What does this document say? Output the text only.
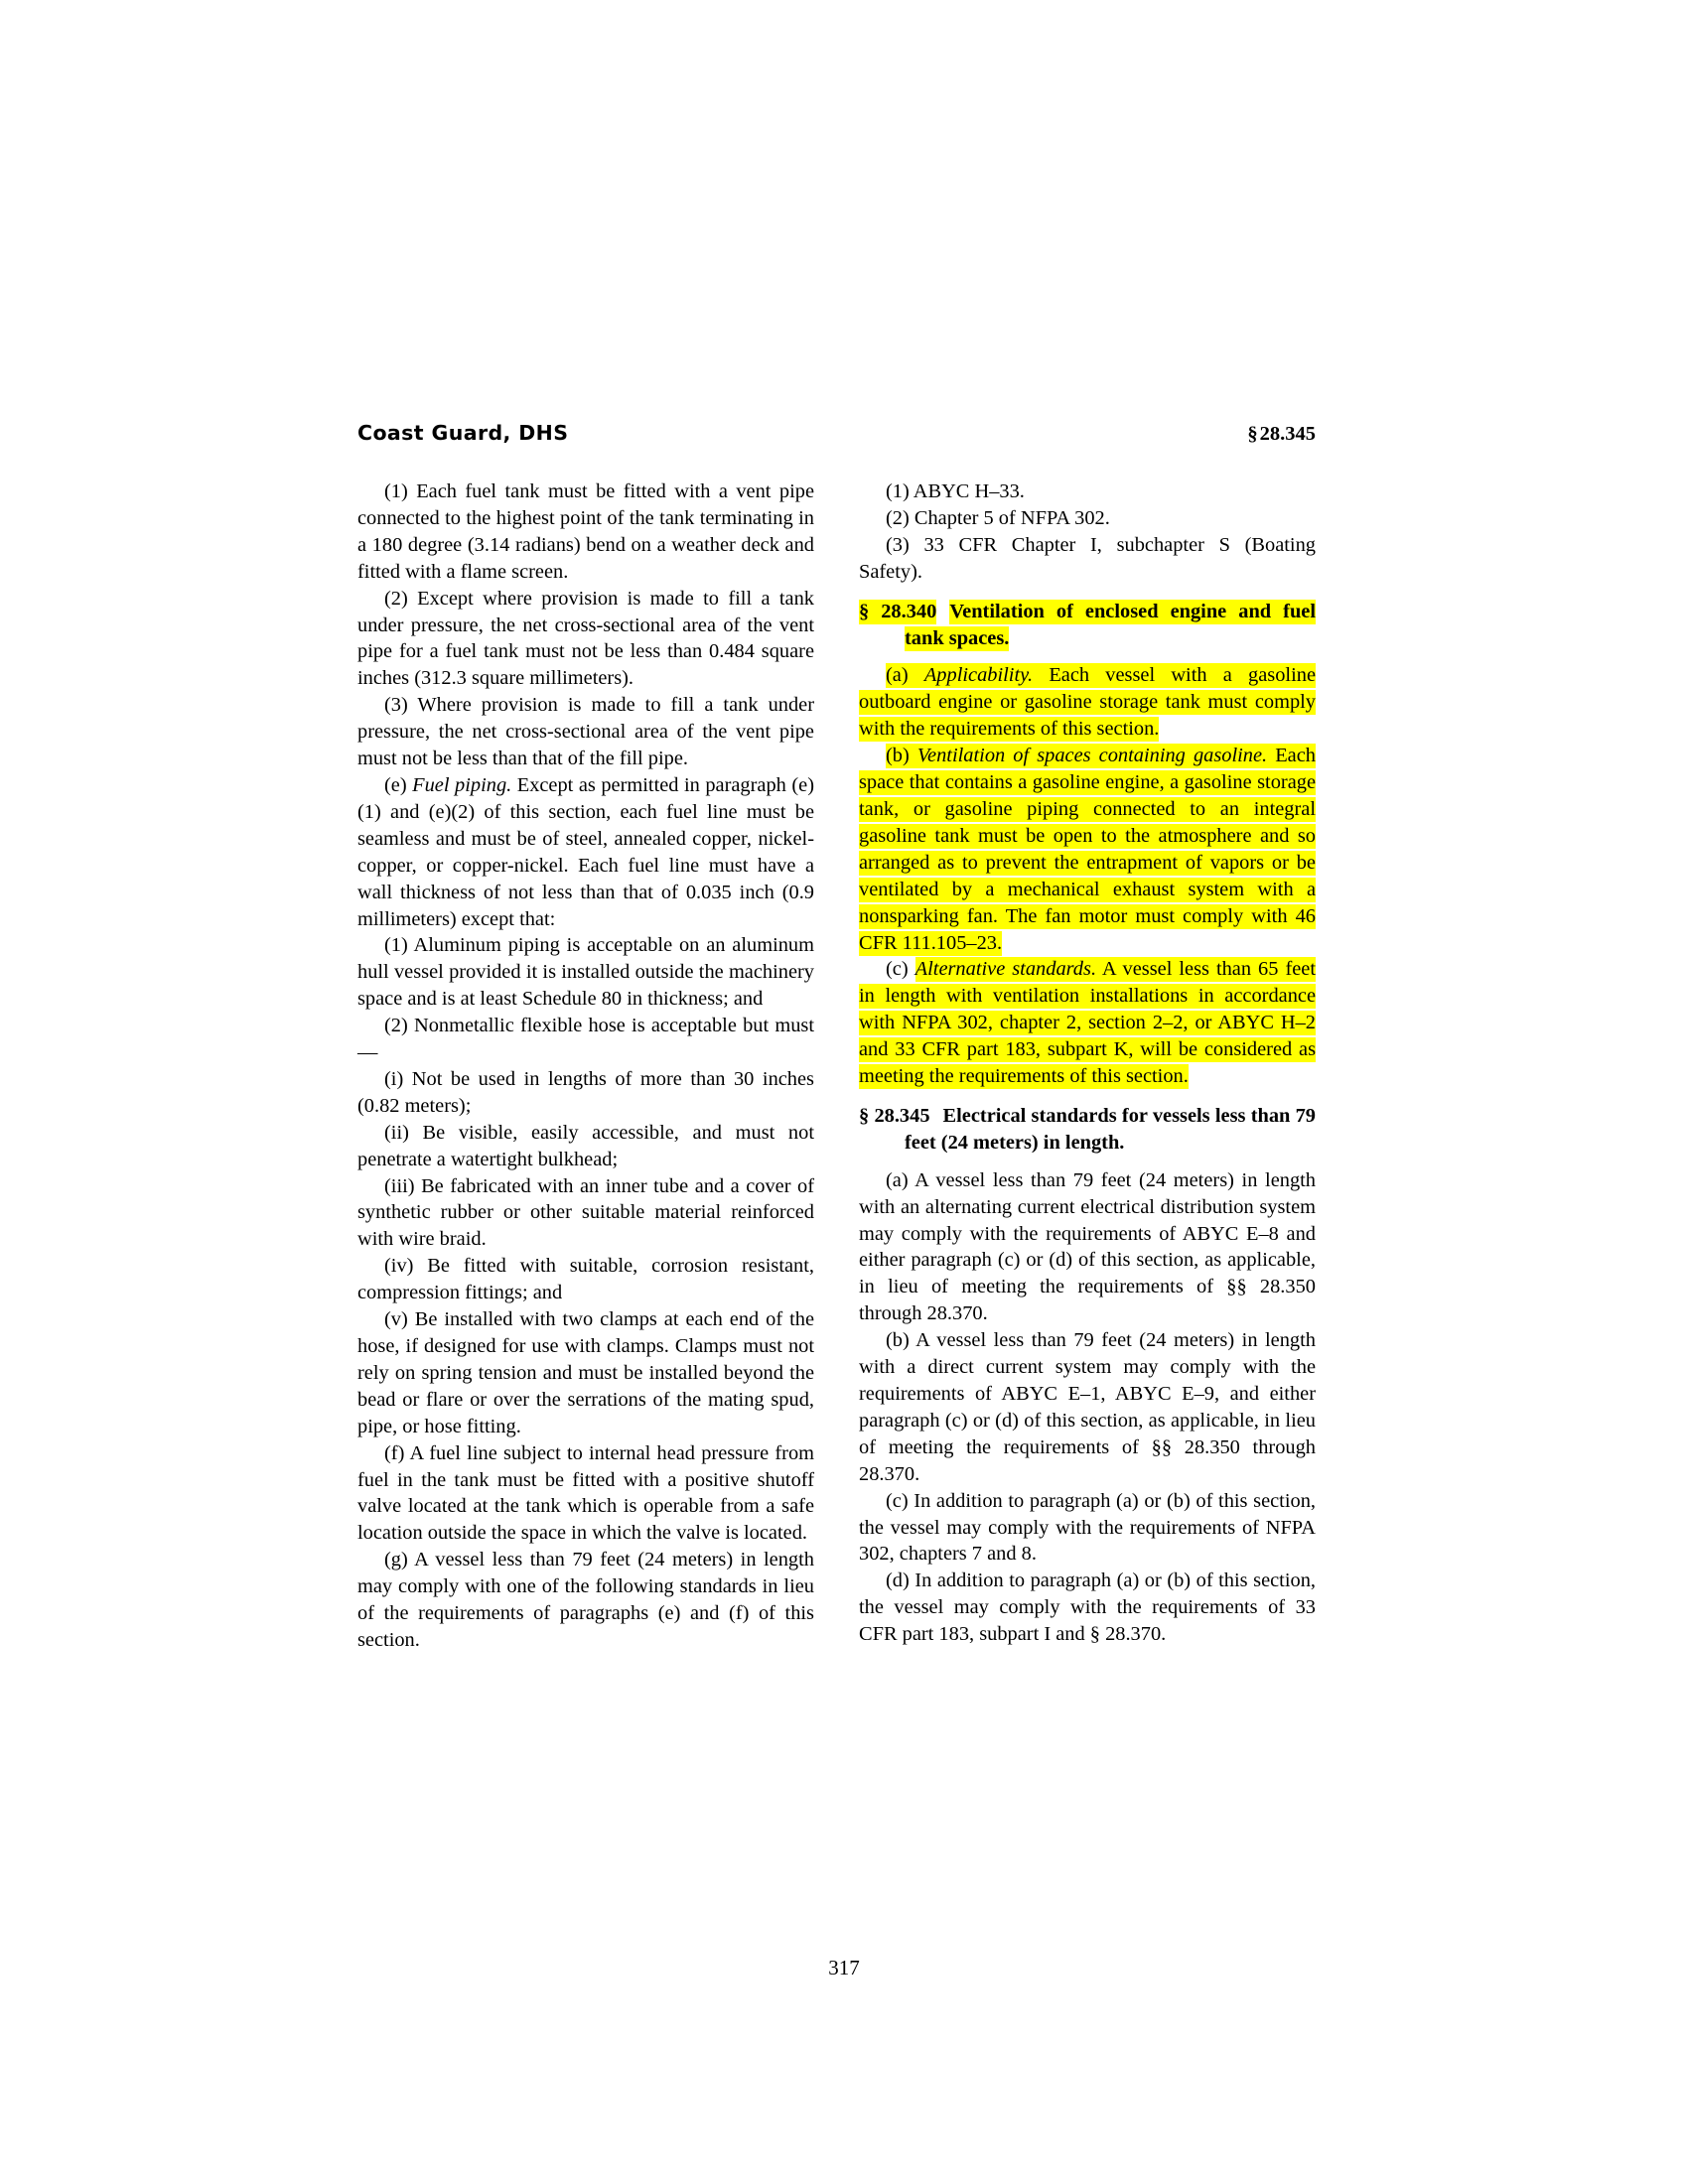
Coast Guard, DHS	§28.345

(1) Each fuel tank must be fitted with a vent pipe connected to the highest point of the tank terminating in a 180 degree (3.14 radians) bend on a weather deck and fitted with a flame screen.

(2) Except where provision is made to fill a tank under pressure, the net cross-sectional area of the vent pipe for a fuel tank must not be less than 0.484 square inches (312.3 square millimeters).

(3) Where provision is made to fill a tank under pressure, the net cross-sectional area of the vent pipe must not be less than that of the fill pipe.

(e) Fuel piping. Except as permitted in paragraph (e)(1) and (e)(2) of this section, each fuel line must be seamless and must be of steel, annealed copper, nickel-copper, or copper-nickel. Each fuel line must have a wall thickness of not less than that of 0.035 inch (0.9 millimeters) except that:

(1) Aluminum piping is acceptable on an aluminum hull vessel provided it is installed outside the machinery space and is at least Schedule 80 in thickness; and

(2) Nonmetallic flexible hose is acceptable but must—

(i) Not be used in lengths of more than 30 inches (0.82 meters);

(ii) Be visible, easily accessible, and must not penetrate a watertight bulkhead;

(iii) Be fabricated with an inner tube and a cover of synthetic rubber or other suitable material reinforced with wire braid.

(iv) Be fitted with suitable, corrosion resistant, compression fittings; and

(v) Be installed with two clamps at each end of the hose, if designed for use with clamps. Clamps must not rely on spring tension and must be installed beyond the bead or flare or over the serrations of the mating spud, pipe, or hose fitting.

(f) A fuel line subject to internal head pressure from fuel in the tank must be fitted with a positive shutoff valve located at the tank which is operable from a safe location outside the space in which the valve is located.

(g) A vessel less than 79 feet (24 meters) in length may comply with one of the following standards in lieu of the requirements of paragraphs (e) and (f) of this section.

(1) ABYC H–33.

(2) Chapter 5 of NFPA 302.

(3) 33 CFR Chapter I, subchapter S (Boating Safety).

§ 28.340 Ventilation of enclosed engine and fuel tank spaces.

(a) Applicability. Each vessel with a gasoline outboard engine or gasoline storage tank must comply with the requirements of this section.

(b) Ventilation of spaces containing gasoline. Each space that contains a gasoline engine, a gasoline storage tank, or gasoline piping connected to an integral gasoline tank must be open to the atmosphere and so arranged as to prevent the entrapment of vapors or be ventilated by a mechanical exhaust system with a nonsparking fan. The fan motor must comply with 46 CFR 111.105–23.

(c) Alternative standards. A vessel less than 65 feet in length with ventilation installations in accordance with NFPA 302, chapter 2, section 2–2, or ABYC H–2 and 33 CFR part 183, subpart K, will be considered as meeting the requirements of this section.

§ 28.345 Electrical standards for vessels less than 79 feet (24 meters) in length.

(a) A vessel less than 79 feet (24 meters) in length with an alternating current electrical distribution system may comply with the requirements of ABYC E–8 and either paragraph (c) or (d) of this section, as applicable, in lieu of meeting the requirements of §§ 28.350 through 28.370.

(b) A vessel less than 79 feet (24 meters) in length with a direct current system may comply with the requirements of ABYC E–1, ABYC E–9, and either paragraph (c) or (d) of this section, as applicable, in lieu of meeting the requirements of §§ 28.350 through 28.370.

(c) In addition to paragraph (a) or (b) of this section, the vessel may comply with the requirements of NFPA 302, chapters 7 and 8.

(d) In addition to paragraph (a) or (b) of this section, the vessel may comply with the requirements of 33 CFR part 183, subpart I and § 28.370.

317
